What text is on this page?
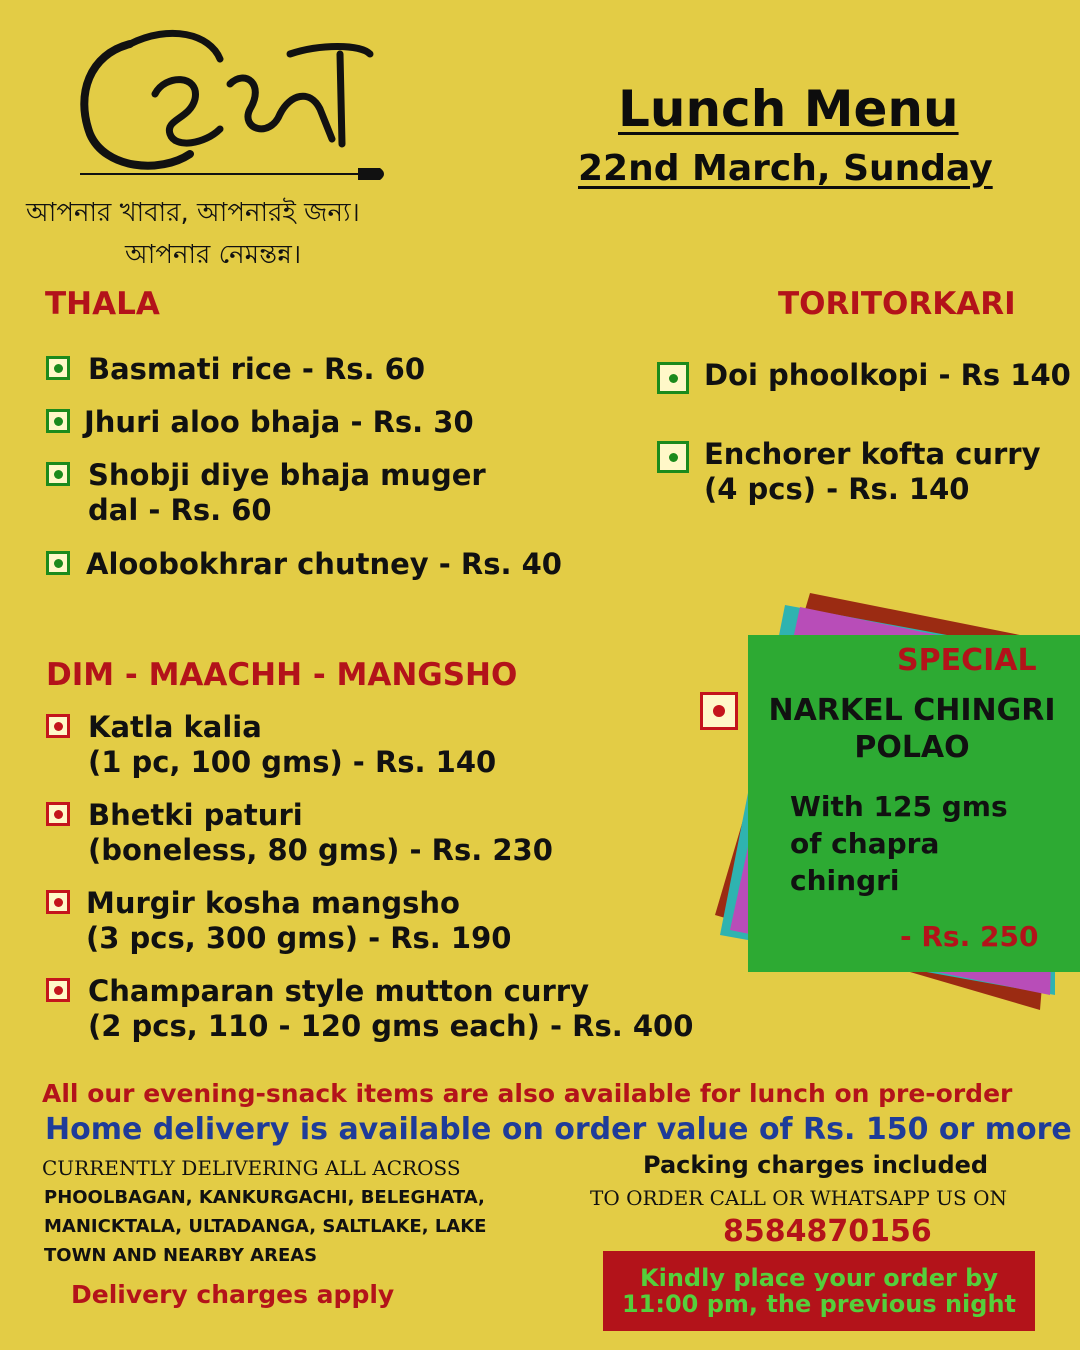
আপনার খাবার, আপনারই জন্য।
আপনার নেমন্তন্ন।
Lunch Menu
22nd March, Sunday
THALA
Basmati rice - Rs. 60
Jhuri aloo bhaja - Rs. 30
Shobji diye bhaja muger
dal - Rs. 60
Aloobokhrar chutney - Rs. 40
TORITORKARI
Doi phoolkopi - Rs 140
Enchorer kofta curry
(4 pcs) - Rs. 140
DIM - MAACHH - MANGSHO
Katla kalia
(1 pc, 100 gms) - Rs. 140
Bhetki paturi
(boneless, 80 gms) - Rs. 230
Murgir kosha mangsho
(3 pcs, 300 gms) - Rs. 190
Champaran style mutton curry
(2 pcs, 110 - 120 gms each) - Rs. 400
SPECIAL
NARKEL CHINGRI
POLAO
With 125 gms
of chapra
chingri
- Rs. 250
All our evening-snack items are also available for lunch on pre-order
Home delivery is available on order value of Rs. 150 or more
CURRENTLY DELIVERING ALL ACROSS
PHOOLBAGAN, KANKURGACHI, BELEGHATA,
MANICKTALA, ULTADANGA, SALTLAKE, LAKE
TOWN AND NEARBY AREAS
Delivery charges apply
Packing charges included
TO ORDER CALL OR WHATSAPP US ON
8584870156
Kindly place your order by
11:00 pm, the previous night
